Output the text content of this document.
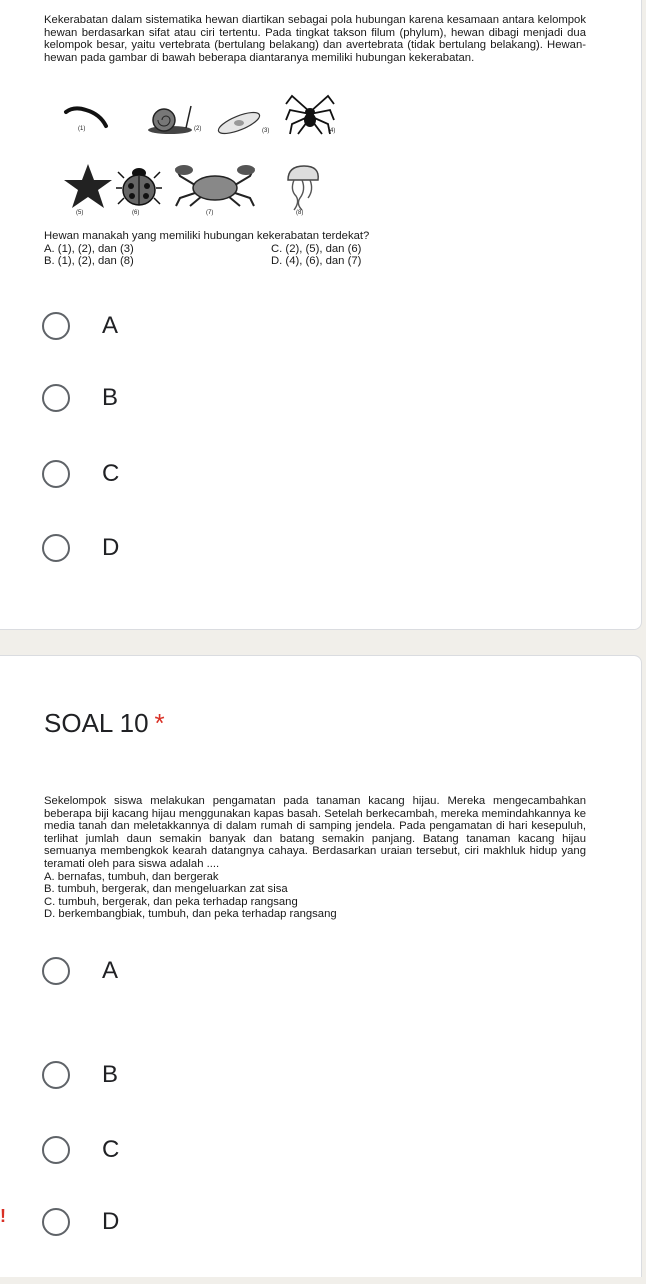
Kekerabatan dalam sistematika hewan diartikan sebagai pola hubungan karena kesamaan antara kelompok hewan berdasarkan sifat atau ciri tertentu. Pada tingkat takson filum (phylum), hewan dibagi menjadi dua kelompok besar, yaitu vertebrata (bertulang belakang) dan avertebrata (tidak bertulang belakang). Hewan-hewan pada gambar di bawah beberapa diantaranya memiliki hubungan kekerabatan.

(1)	(2)	(3)	(4)
(5)	(6)	(7)	(8)

Hewan manakah yang memiliki hubungan kekerabatan terdekat?

A. (1), (2), dan (3)	C. (2), (5), dan (6)
B. (1), (2), dan (8)	D. (4), (6), dan (7)
A
B
C
D
SOAL 10 *

Sekelompok siswa melakukan pengamatan pada tanaman kacang hijau. Mereka mengecambahkan beberapa biji kacang hijau menggunakan kapas basah. Setelah berkecambah, mereka memindahkannya ke media tanah dan meletakkannya di dalam rumah di samping jendela. Pada pengamatan di hari kesepuluh, terlihat jumlah daun semakin banyak dan batang semakin panjang. Batang tanaman kacang hijau semuanya membengkok kearah datangnya cahaya. Berdasarkan uraian tersebut, ciri makhluk hidup yang teramati oleh para siswa adalah ....

A. bernafas, tumbuh, dan bergerak

B. tumbuh, bergerak, dan mengeluarkan zat sisa

C. tumbuh, bergerak, dan peka terhadap rangsang

D. berkembangbiak, tumbuh, dan peka terhadap rangsang

A
B
C
D
!
